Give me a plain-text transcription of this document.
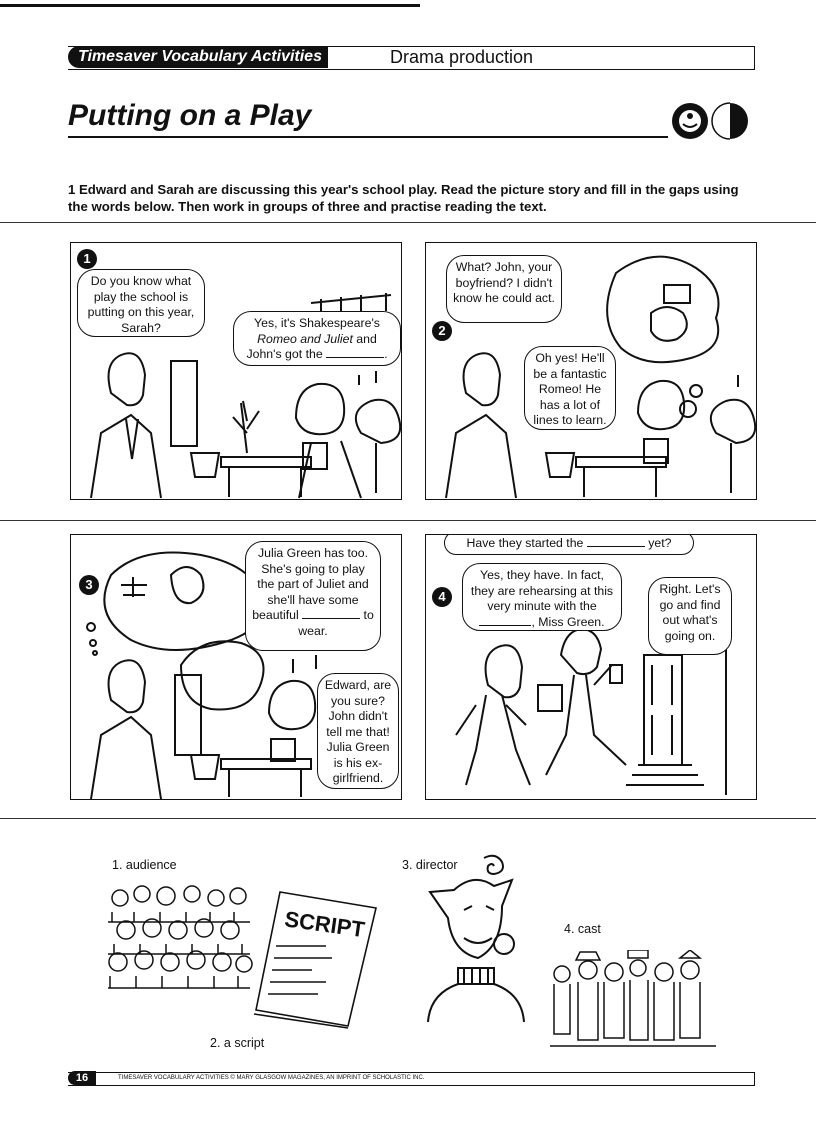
Timesaver Vocabulary Activities	Drama production
Putting on a Play
1 Edward and Sarah are discussing this year's school play. Read the picture story and fill in the gaps using the words below. Then work in groups of three and practise reading the text.
1
Do you know what play the school is putting on this year, Sarah?	Yes, it's Shakespeare's Romeo and Juliet and John's got the	.
2
What? John, your boyfriend? I didn't know he could act.
Oh yes! He'll be a fantastic Romeo! He has a lot of lines to learn.
3
Julia Green has too. She's going to play the part of Juliet and she'll have some beautiful	to wear.
Edward, are you sure? John didn't tell me that! Julia Green is his ex-girlfriend.
Have they started the	yet?
4
Yes, they have. In fact, they are rehearsing at this very minute with the , Miss Green.
Right. Let's go and find out what's going on.
1. audience
SCRIPT
2. a script
3. director
4. cast
16	TIMESAVER VOCABULARY ACTIVITIES © MARY GLASGOW MAGAZINES, AN IMPRINT OF SCHOLASTIC INC.
